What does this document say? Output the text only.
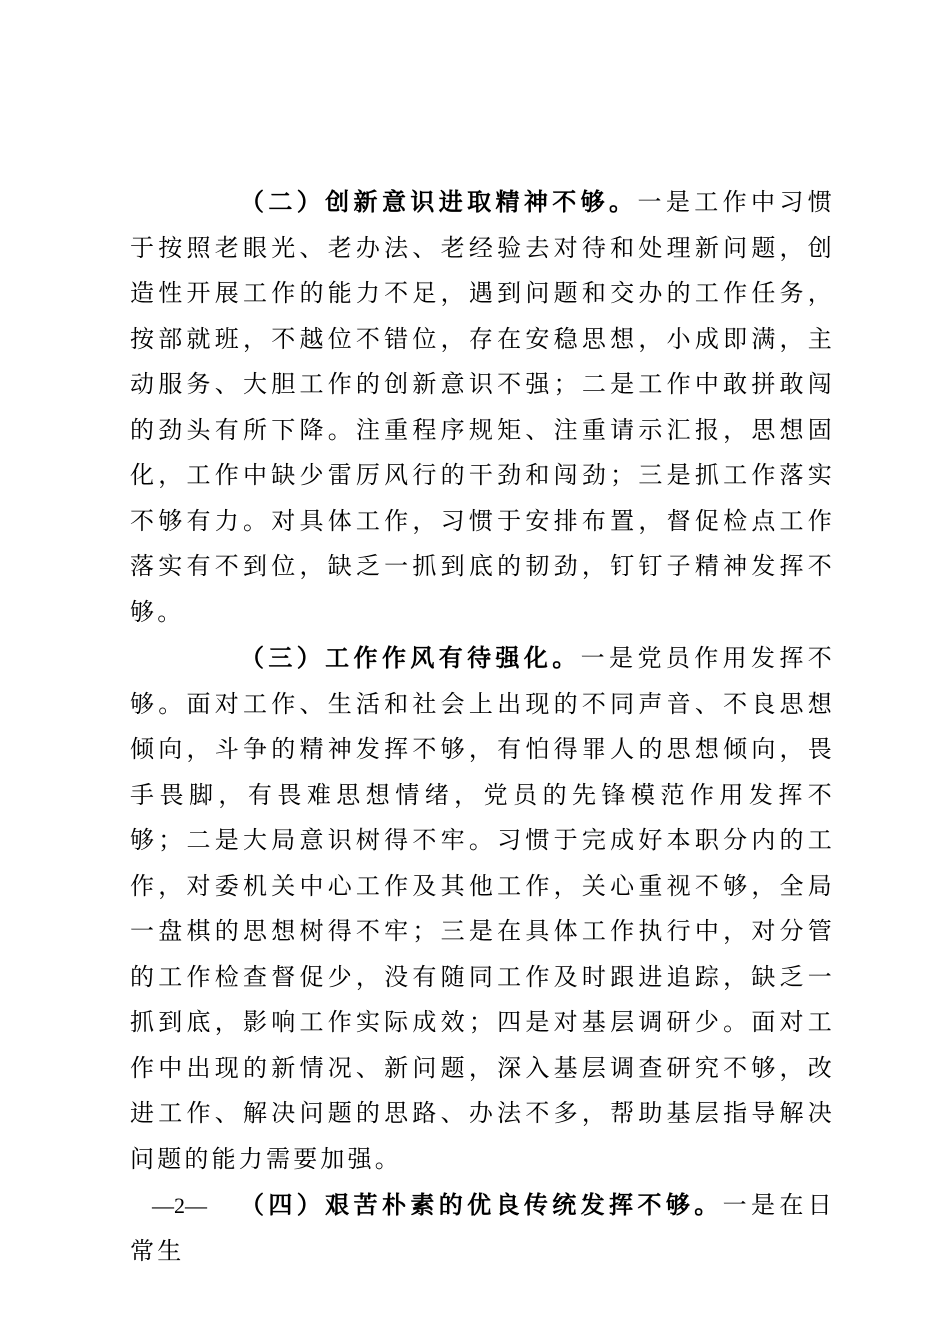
（二）创新意识进取精神不够。一是工作中习惯于按照老眼光、老办法、老经验去对待和处理新问题，创造性开展工作的能力不足，遇到问题和交办的工作任务，按部就班，不越位不错位，存在安稳思想，小成即满，主动服务、大胆工作的创新意识不强；二是工作中敢拼敢闯的劲头有所下降。注重程序规矩、注重请示汇报，思想固化，工作中缺少雷厉风行的干劲和闯劲；三是抓工作落实不够有力。对具体工作，习惯于安排布置，督促检点工作落实有不到位，缺乏一抓到底的韧劲，钉钉子精神发挥不够。

（三）工作作风有待强化。一是党员作用发挥不够。面对工作、生活和社会上出现的不同声音、不良思想倾向，斗争的精神发挥不够，有怕得罪人的思想倾向，畏手畏脚，有畏难思想情绪，党员的先锋模范作用发挥不够；二是大局意识树得不牢。习惯于完成好本职分内的工作，对委机关中心工作及其他工作，关心重视不够，全局一盘棋的思想树得不牢；三是在具体工作执行中，对分管的工作检查督促少，没有随同工作及时跟进追踪，缺乏一抓到底，影响工作实际成效；四是对基层调研少。面对工作中出现的新情况、新问题，深入基层调查研究不够，改进工作、解决问题的思路、办法不多，帮助基层指导解决问题的能力需要加强。

（四）艰苦朴素的优良传统发挥不够。一是在日常生

—2—
